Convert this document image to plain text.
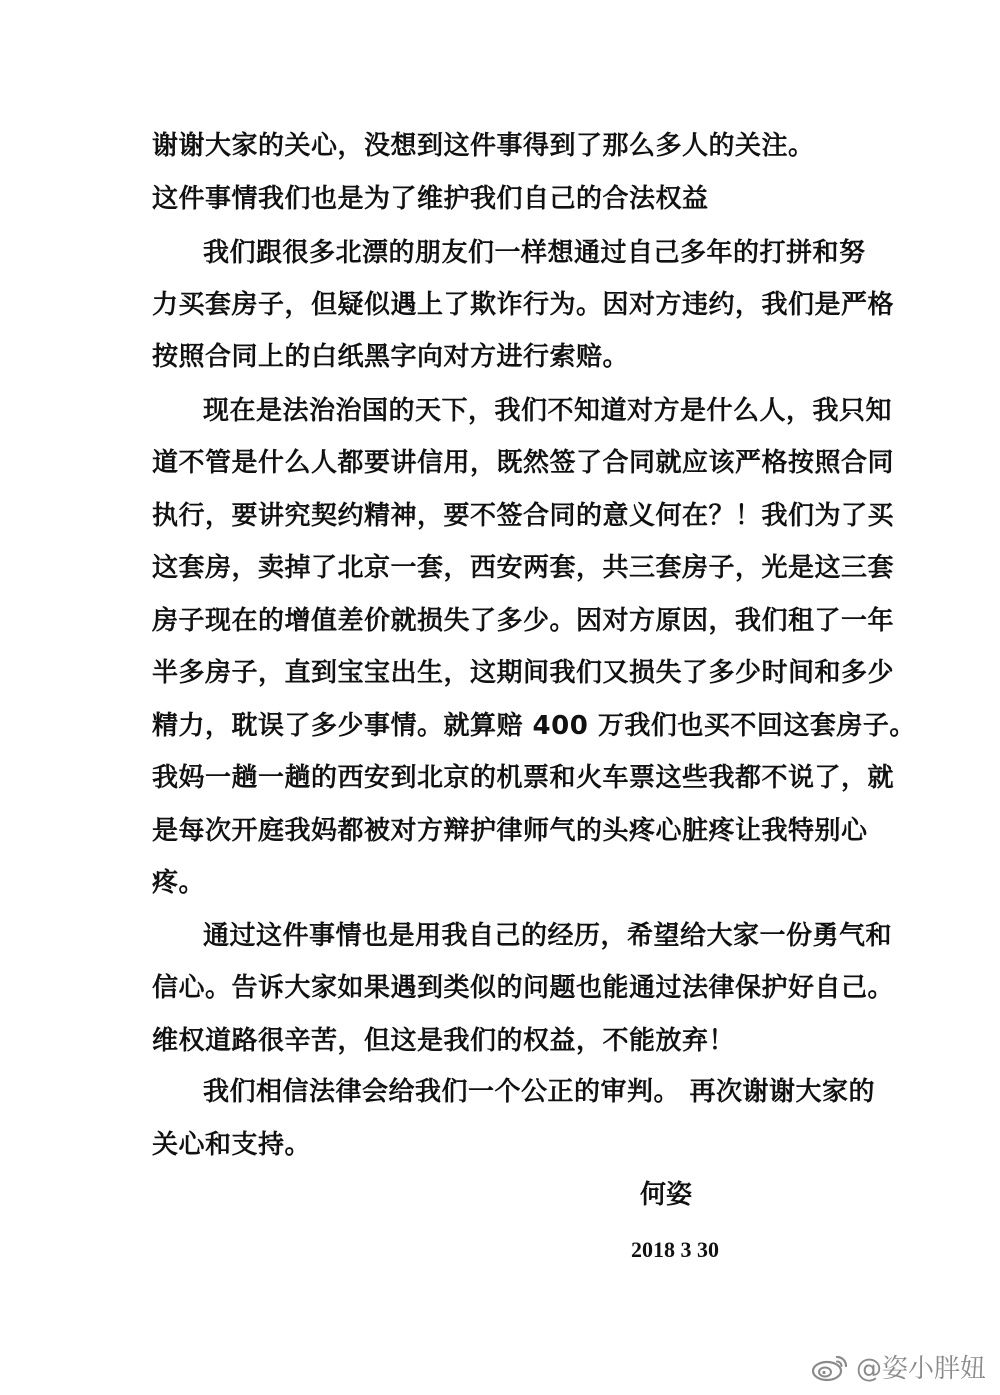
谢谢大家的关心，没想到这件事得到了那么多人的关注。
这件事情我们也是为了维护我们自己的合法权益
我们跟很多北漂的朋友们一样想通过自己多年的打拼和努
力买套房子，但疑似遇上了欺诈行为。因对方违约，我们是严格
按照合同上的白纸黑字向对方进行索赔。
现在是法治治国的天下，我们不知道对方是什么人，我只知
道不管是什么人都要讲信用，既然签了合同就应该严格按照合同
执行，要讲究契约精神，要不签合同的意义何在？！我们为了买
这套房，卖掉了北京一套，西安两套，共三套房子，光是这三套
房子现在的增值差价就损失了多少。因对方原因，我们租了一年
半多房子，直到宝宝出生，这期间我们又损失了多少时间和多少
精力，耽误了多少事情。就算赔 400 万我们也买不回这套房子。
我妈一趟一趟的西安到北京的机票和火车票这些我都不说了，就
是每次开庭我妈都被对方辩护律师气的头疼心脏疼让我特别心
疼。
通过这件事情也是用我自己的经历，希望给大家一份勇气和
信心。告诉大家如果遇到类似的问题也能通过法律保护好自己。
维权道路很辛苦，但这是我们的权益，不能放弃！
我们相信法律会给我们一个公正的审判。 再次谢谢大家的
关心和支持。
何姿
2018 3 30
@姿小胖妞
